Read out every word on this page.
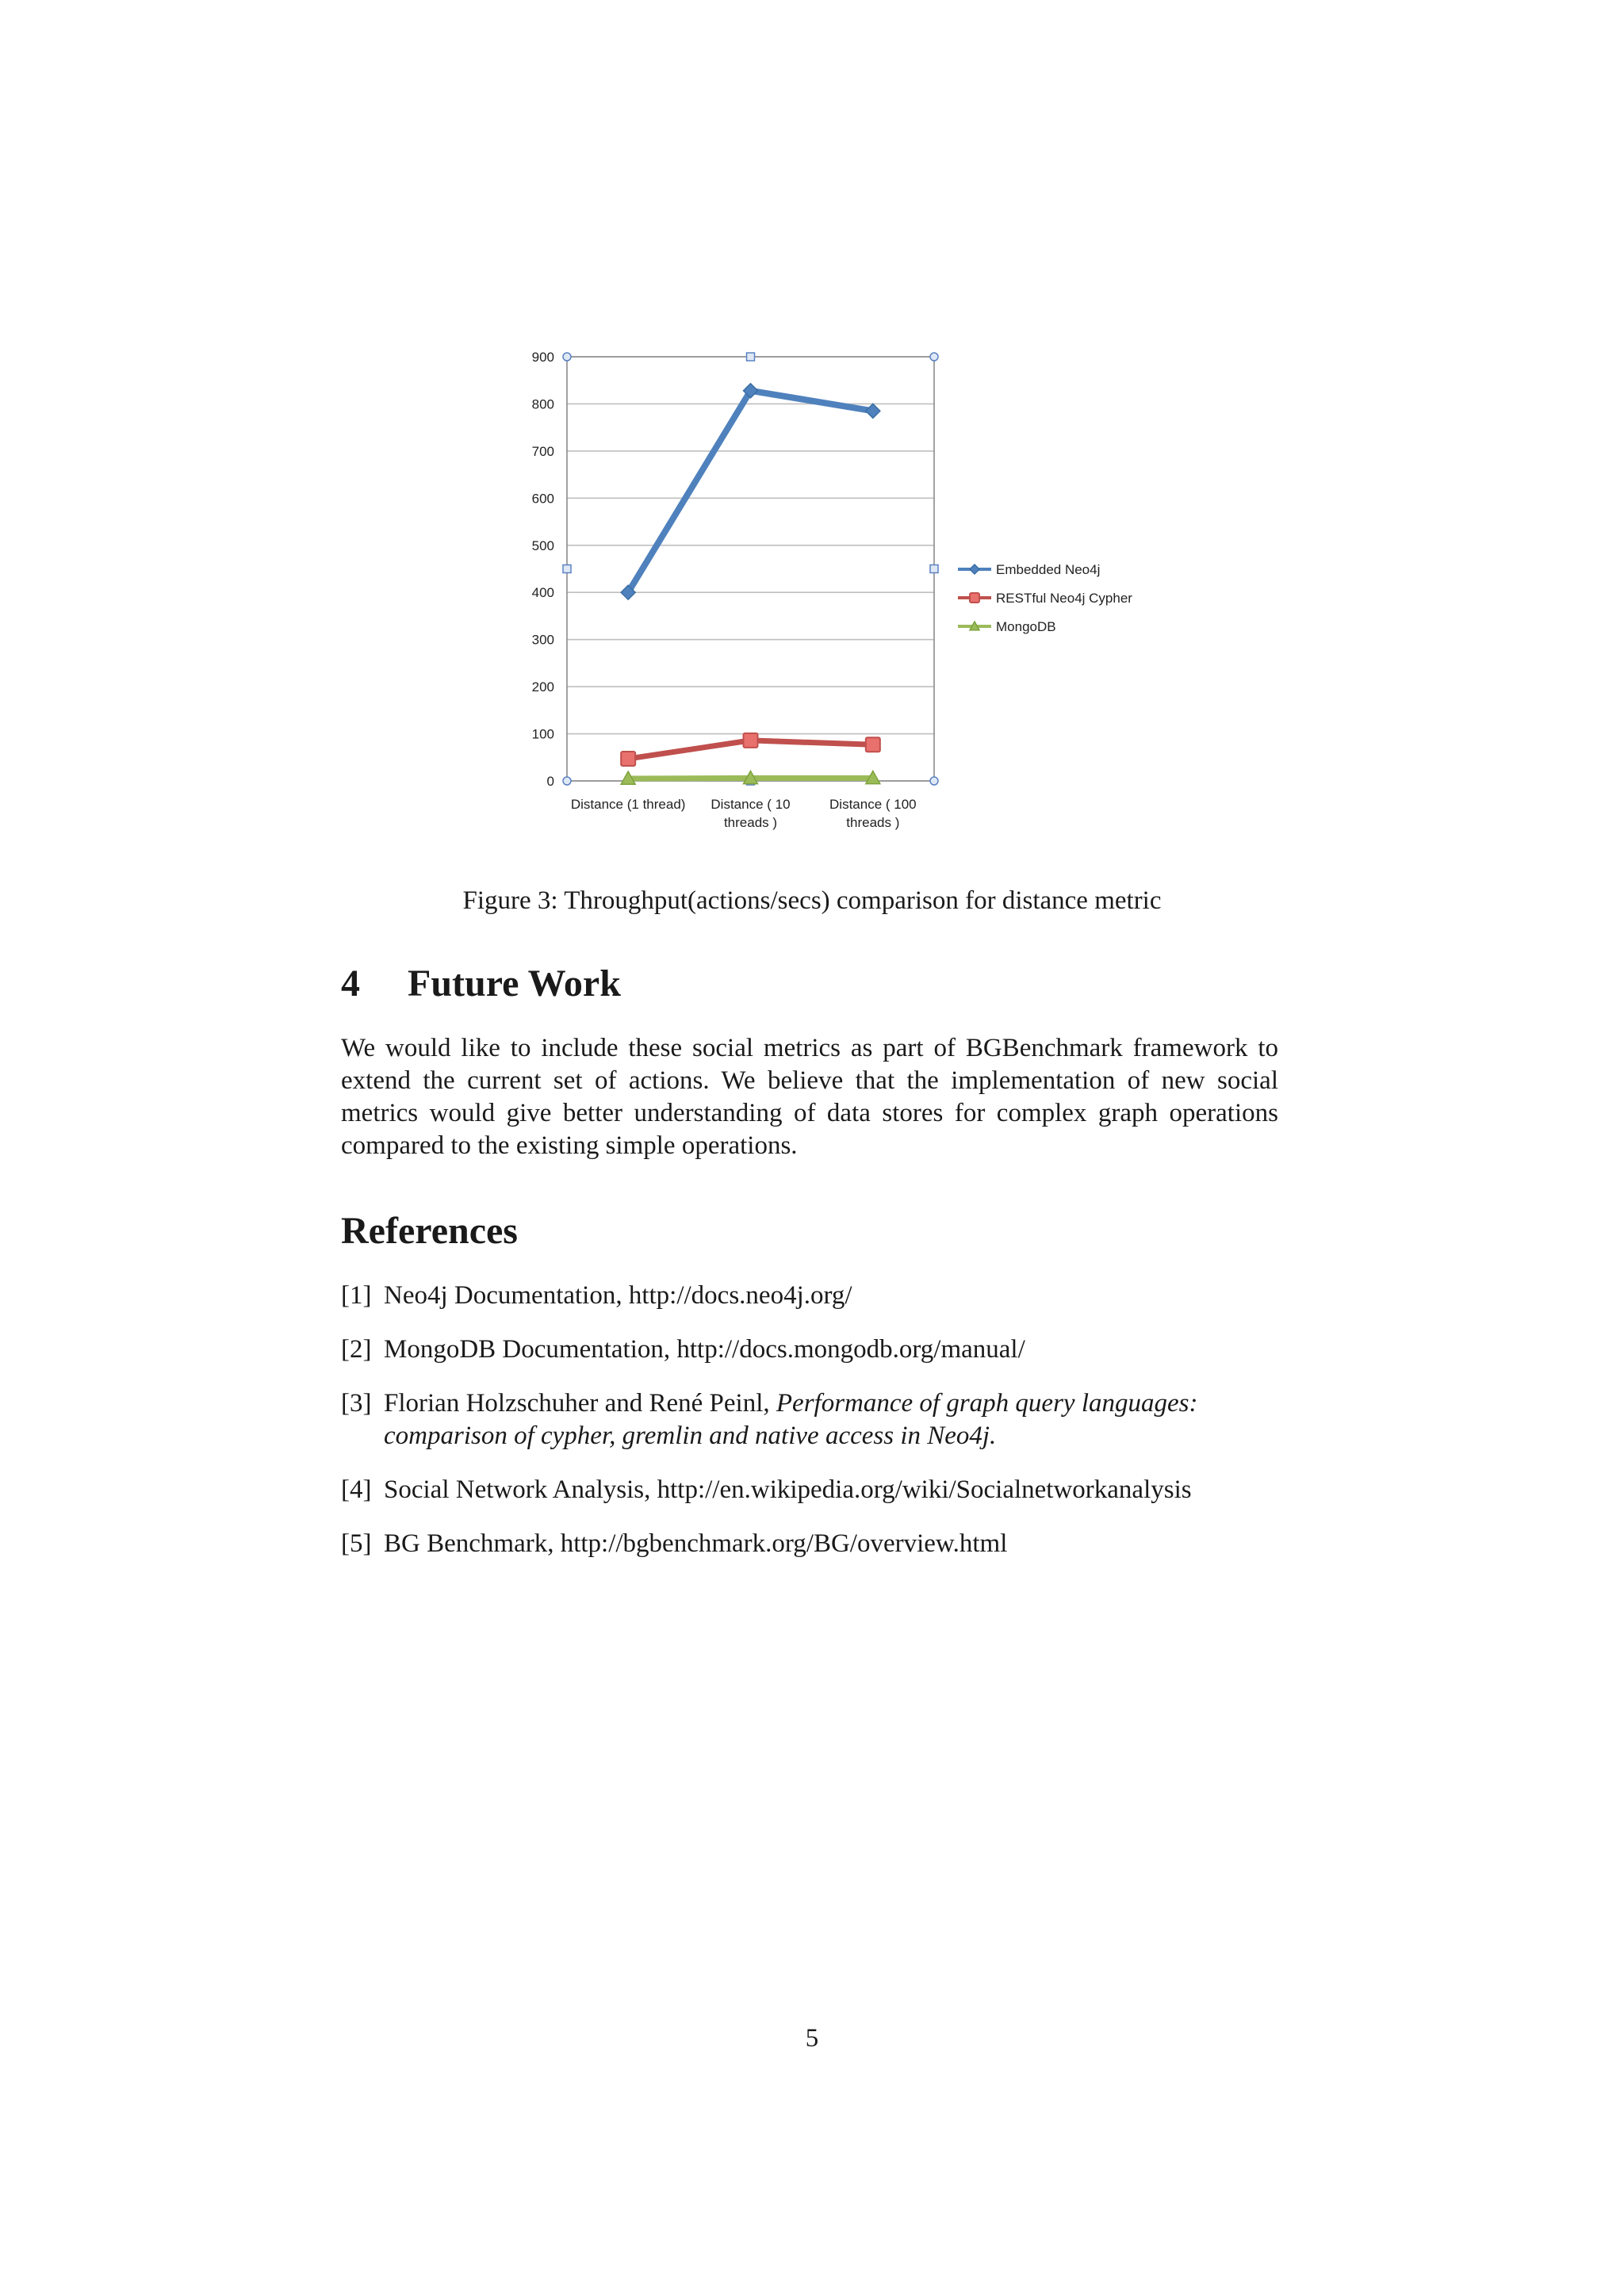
0
100
200
300
400
500
600
700
800
900
Distance (1 thread) Distance ( 10
threads )
Distance ( 100
threads )
Embedded Neo4j
RESTful Neo4j Cypher
MongoDB

Figure 3: Throughput(actions/secs) comparison for distance metric

4 Future Work

We would like to include these social metrics as part of BGBenchmark framework to extend the current set of actions. We believe that the implementation of new social metrics would give better understanding of data stores for complex graph operations compared to the existing simple operations.

References
[1] Neo4j Documentation, http://docs.neo4j.org/
[2] MongoDB Documentation, http://docs.mongodb.org/manual/
[3] Florian Holzschuher and René Peinl, Performance of graph query languages:
comparison of cypher, gremlin and native access in Neo4j.
[4] Social Network Analysis, http://en.wikipedia.org/wiki/Socialnetworkanalysis
[5] BG Benchmark, http://bgbenchmark.org/BG/overview.html

5
